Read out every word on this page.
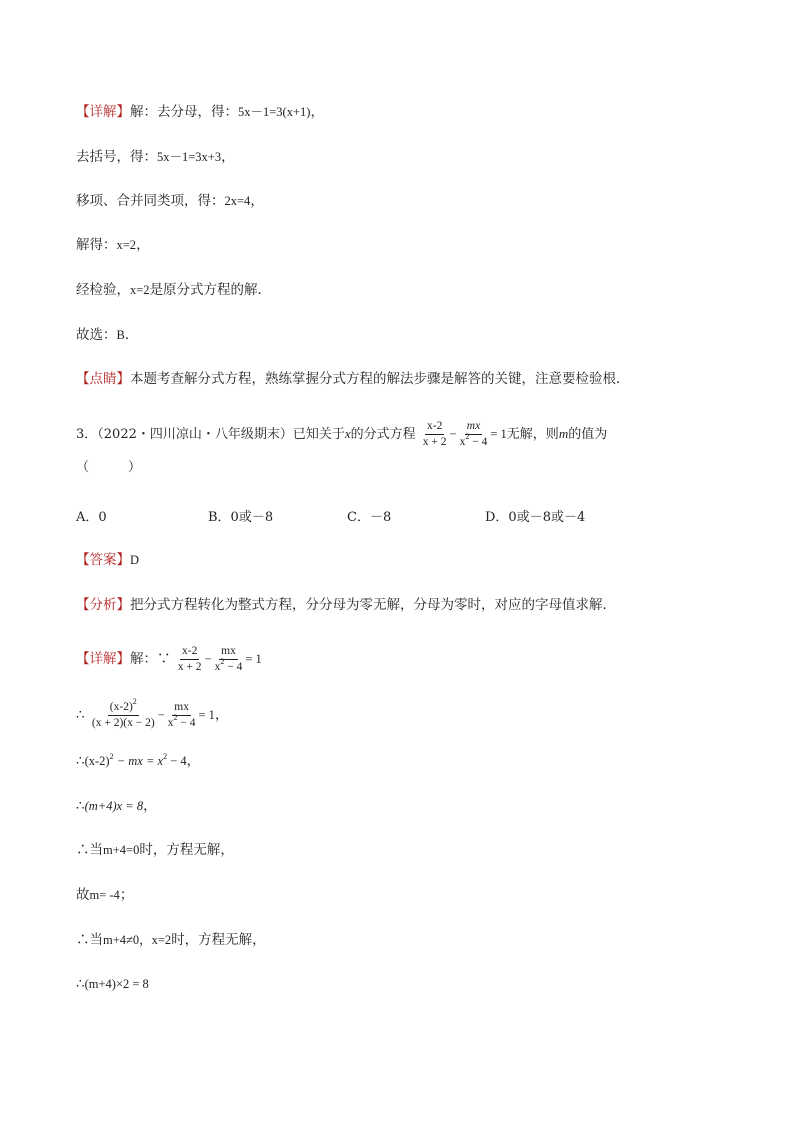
【详解】解：去分母，得：5x－1=3(x+1)，
去括号，得：5x－1=3x+3，
移项、合并同类项，得：2x=4，
解得：x=2，
经检验，x=2是原分式方程的解．
故选：B．
【点睛】本题考查解分式方程，熟练掌握分式方程的解法步骤是解答的关键，注意要检验根．
3．（2022・四川凉山・八年级期末）已知关于x的分式方程 $\frac{x-2}{x + 2} - \frac{mx}{x^2 - 4} = 1$无解，则m的值为
（　　　）
A．0	B．0或－8	C．－8	D．0或－8或－4
【答案】D
【分析】把分式方程转化为整式方程，分分母为零无解，分母为零时，对应的字母值求解．
【详解】解：∵ $\frac{x-2}{x + 2} - \frac{mx}{x^2 - 4} = 1$
∴ $\frac{(x-2)^2}{(x + 2)(x - 2)} - \frac{mx}{x^2 - 4} = 1$，
$\therefore(x-2)^2$ − mx = $x^2 - 4$，
∴(m+4)x = 8，
∴当m+4=0时，方程无解，
故m= -4；
∴当m+4≠0，x=2时，方程无解，
∴(m+4)×2 = 8
